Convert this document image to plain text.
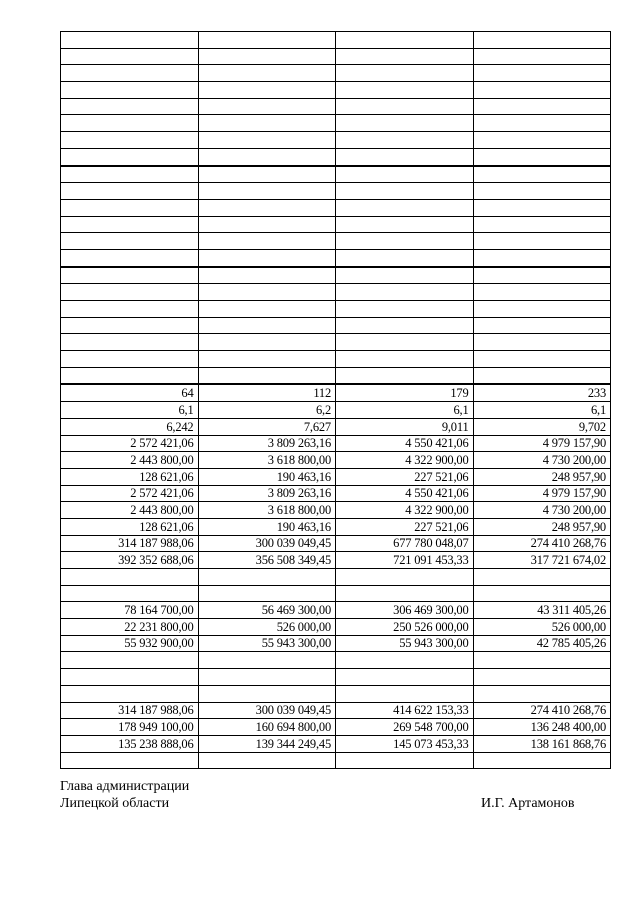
64	112	179	233
6,1	6,2	6,1	6,1
6,242	7,627	9,011	9,702
2 572 421,06	3 809 263,16	4 550 421,06	4 979 157,90
2 443 800,00	3 618 800,00	4 322 900,00	4 730 200,00
128 621,06	190 463,16	227 521,06	248 957,90
2 572 421,06	3 809 263,16	4 550 421,06	4 979 157,90
2 443 800,00	3 618 800,00	4 322 900,00	4 730 200,00
128 621,06	190 463,16	227 521,06	248 957,90
314 187 988,06	300 039 049,45	677 780 048,07	274 410 268,76
392 352 688,06	356 508 349,45	721 091 453,33	317 721 674,02

78 164 700,00	56 469 300,00	306 469 300,00	43 311 405,26
22 231 800,00	526 000,00	250 526 000,00	526 000,00
55 932 900,00	55 943 300,00	55 943 300,00	42 785 405,26

314 187 988,06	300 039 049,45	414 622 153,33	274 410 268,76
178 949 100,00	160 694 800,00	269 548 700,00	136 248 400,00
135 238 888,06	139 344 249,45	145 073 453,33	138 161 868,76

Глава администрации
Липецкой области	И.Г. Артамонов
